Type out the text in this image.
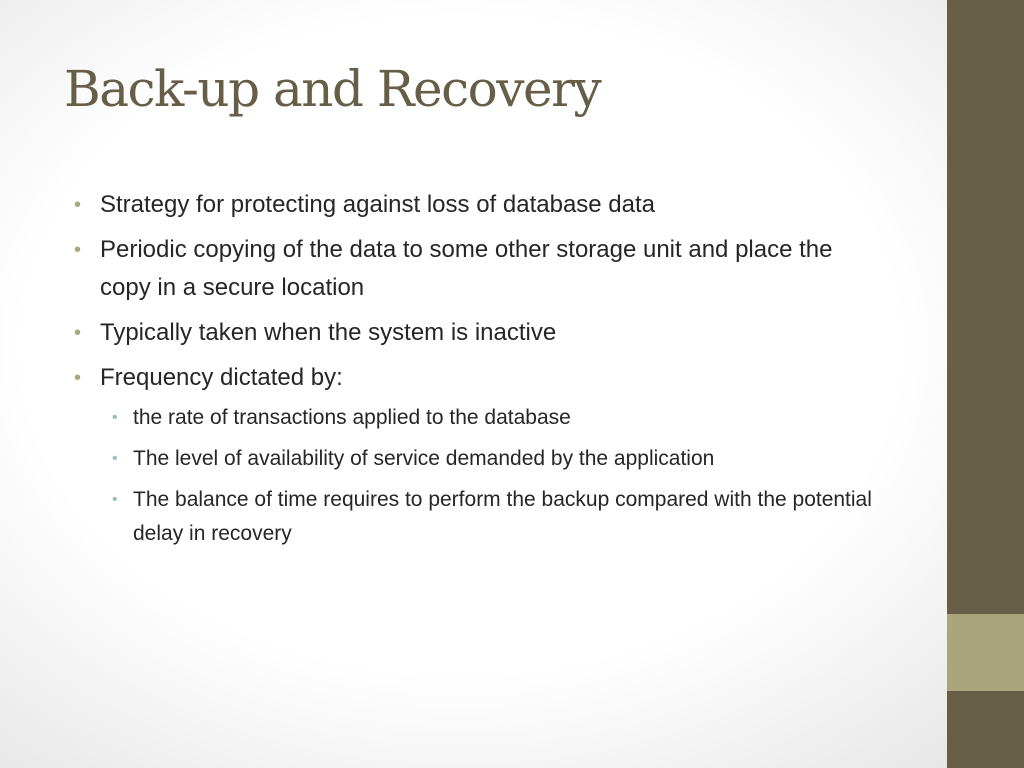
Back-up and Recovery
• Strategy for protecting against loss of database data
• Periodic copying of the data to some other storage unit and place the copy in a secure location
• Typically taken when the system is inactive
• Frequency dictated by:
• the rate of transactions applied to the database
• The level of availability of service demanded by the application
• The balance of time requires to perform the backup compared with the potential delay in recovery
